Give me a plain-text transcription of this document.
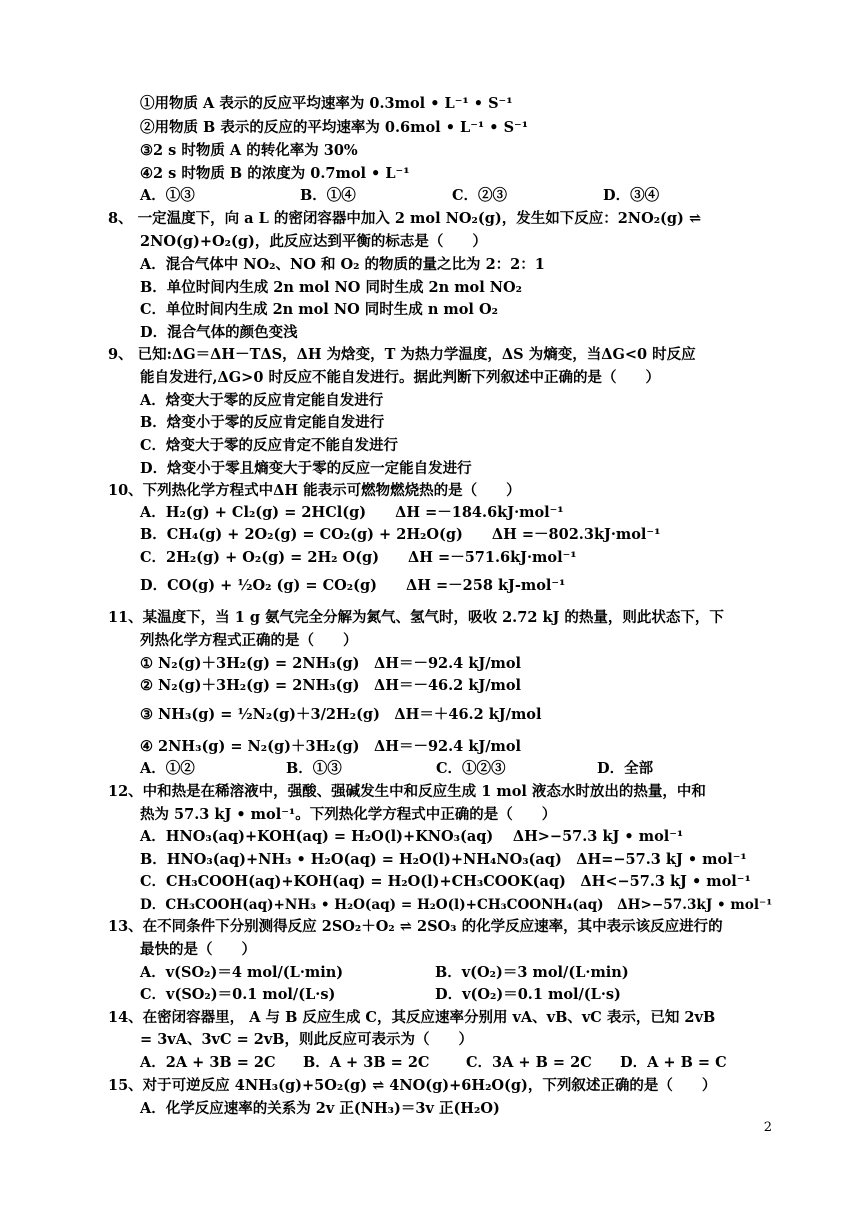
①用物质 A 表示的反应平均速率为 0.3mol • L⁻¹ • S⁻¹
②用物质 B 表示的反应的平均速率为 0.6mol • L⁻¹ • S⁻¹
③2 s 时物质 A 的转化率为 30%
④2 s 时物质 B 的浓度为 0.7mol • L⁻¹
A．①③	B．①④	C．②③	D．③④
8、 一定温度下，向 a L 的密闭容器中加入 2 mol NO₂(g)，发生如下反应：2NO₂(g) ⇌
2NO(g)+O₂(g)，此反应达到平衡的标志是（　　）
A．混合气体中 NO₂、NO 和 O₂ 的物质的量之比为 2：2：1
B．单位时间内生成 2n mol NO 同时生成 2n mol NO₂
C．单位时间内生成 2n mol NO 同时生成 n mol O₂
D．混合气体的颜色变浅
9、 已知:ΔG＝ΔH－TΔS，ΔH 为焓变，T 为热力学温度，ΔS 为熵变，当ΔG<0 时反应
能自发进行,ΔG>0 时反应不能自发进行。据此判断下列叙述中正确的是（　　）
A．焓变大于零的反应肯定能自发进行
B．焓变小于零的反应肯定能自发进行
C．焓变大于零的反应肯定不能自发进行
D．焓变小于零且熵变大于零的反应一定能自发进行
10、下列热化学方程式中ΔH 能表示可燃物燃烧热的是（　　）
A．H₂(g) + Cl₂(g) = 2HCl(g)　　ΔH =－184.6kJ·mol⁻¹
B．CH₄(g) + 2O₂(g) = CO₂(g) + 2H₂O(g)　　ΔH =－802.3kJ·mol⁻¹
C．2H₂(g) + O₂(g) = 2H₂ O(g)　　ΔH =－571.6kJ·mol⁻¹
D．CO(g) + ½O₂ (g) = CO₂(g)　　ΔH =－258 kJ-mol⁻¹
11、某温度下，当 1 g 氨气完全分解为氮气、氢气时，吸收 2.72 kJ 的热量，则此状态下，下
列热化学方程式正确的是（　　）
① N₂(g)＋3H₂(g) = 2NH₃(g)　ΔH＝－92.4 kJ/mol
② N₂(g)＋3H₂(g) = 2NH₃(g)　ΔH＝－46.2 kJ/mol
③ NH₃(g) = ½N₂(g)＋3/2H₂(g)　ΔH＝＋46.2 kJ/mol
④ 2NH₃(g) = N₂(g)＋3H₂(g)　ΔH＝－92.4 kJ/mol
A．①②	B．①③	C．①②③	D．全部
12、中和热是在稀溶液中，强酸、强碱发生中和反应生成 1 mol 液态水时放出的热量，中和
热为 57.3 kJ • mol⁻¹。下列热化学方程式中正确的是（　　）
A．HNO₃(aq)+KOH(aq) = H₂O(l)+KNO₃(aq)　 ΔH>−57.3 kJ • mol⁻¹
B．HNO₃(aq)+NH₃ • H₂O(aq) = H₂O(l)+NH₄NO₃(aq)　ΔH=−57.3 kJ • mol⁻¹
C．CH₃COOH(aq)+KOH(aq) = H₂O(l)+CH₃COOK(aq)　ΔH<−57.3 kJ • mol⁻¹
D．CH₃COOH(aq)+NH₃ • H₂O(aq) = H₂O(l)+CH₃COONH₄(aq)　ΔH>−57.3kJ • mol⁻¹
13、在不同条件下分别测得反应 2SO₂＋O₂ ⇌ 2SO₃ 的化学反应速率，其中表示该反应进行的
最快的是（　　）
A．v(SO₂)＝4 mol/(L·min)	B．v(O₂)＝3 mol/(L·min)
C．v(SO₂)＝0.1 mol/(L·s)	D．v(O₂)＝0.1 mol/(L·s)
14、在密闭容器里， A 与 B 反应生成 C，其反应速率分别用 vA、vB、vC 表示，已知 2vB
= 3vA、3vC = 2vB，则此反应可表示为（　　）
A．2A + 3B = 2C B．A + 3B = 2C	C．3A + B = 2C D．A + B = C
15、对于可逆反应 4NH₃(g)+5O₂(g) ⇌ 4NO(g)+6H₂O(g)，下列叙述正确的是（　　）
A．化学反应速率的关系为 2v 正(NH₃)＝3v 正(H₂O)
2
